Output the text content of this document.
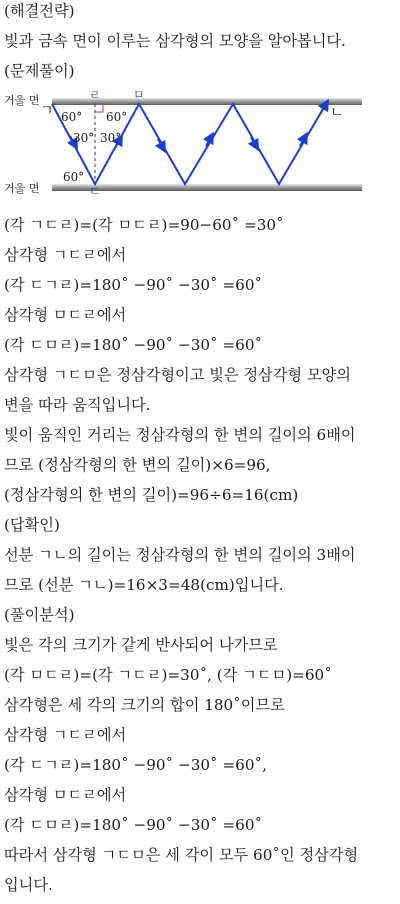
(해결전략)
빛과 금속 면이 이루는 삼각형의 모양을 알아봅니다.
(문제풀이)
거울 면
거울 면
ㄱ	ㄴ
ㄷ
ㄹ	ㅁ
60° 60°
30° 30°
60°
(각 ㄱㄷㄹ)=(각 ㅁㄷㄹ)=90−60˚ =30˚
삼각형 ㄱㄷㄹ에서
(각 ㄷㄱㄹ)=180˚ −90˚ −30˚ =60˚
삼각형 ㅁㄷㄹ에서
(각 ㄷㅁㄹ)=180˚ −90˚ −30˚ =60˚
삼각형 ㄱㄷㅁ은 정삼각형이고 빛은 정삼각형 모양의
변을 따라 움직입니다.
빛이 움직인 거리는 정삼각형의 한 변의 길이의 6배이
므로 (정삼각형의 한 변의 길이)×6=96,
(정삼각형의 한 변의 길이)=96÷6=16(cm)
(답확인)
선분 ㄱㄴ의 길이는 정삼각형의 한 변의 길이의 3배이
므로 (선분 ㄱㄴ)=16×3=48(cm)입니다.
(풀이분석)
빛은 각의 크기가 같게 반사되어 나가므로
(각 ㅁㄷㄹ)=(각 ㄱㄷㄹ)=30˚, (각 ㄱㄷㅁ)=60˚
삼각형은 세 각의 크기의 합이 180˚이므로
삼각형 ㄱㄷㄹ에서
(각 ㄷㄱㄹ)=180˚ −90˚ −30˚ =60˚,
삼각형 ㅁㄷㄹ에서
(각 ㄷㅁㄹ)=180˚ −90˚ −30˚ =60˚
따라서 삼각형 ㄱㄷㅁ은 세 각이 모두 60˚인 정삼각형
입니다.
